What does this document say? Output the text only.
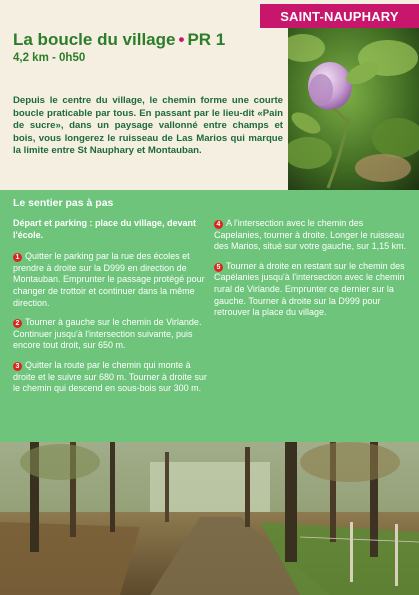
SAINT-NAUPHARY
La boucle du village • PR 1
4,2 km - 0h50
Depuis le centre du village, le chemin forme une courte boucle praticable par tous. En passant par le lieu-dit «Pain de sucre», dans un paysage vallonné entre champs et bois, vous longerez le ruisseau de Las Marios qui marque la limite entre St Nauphary et Montauban.
Le sentier pas à pas

Départ et parking : place du village, devant l'école.

1 Quitter le parking par la rue des écoles et prendre à droite sur la D999 en direction de Montauban. Emprunter le passage protégé pour changer de trottoir et continuer dans la même direction.

2 Tourner à gauche sur le chemin de Virlande. Continuer jusqu'à l'intersection suivante, puis encore tout droit, sur 650 m.

3 Quitter la route par le chemin qui monte à droite et le suivre sur 680 m. Tourner à droite sur le chemin qui descend en sous-bois sur 300 m.

4 A l'intersection avec le chemin des Capelanies, tourner à droite. Longer le ruisseau des Marios, situé sur votre gauche, sur 1,15 km.

5 Tourner à droite en restant sur le chemin des Capélanies jusqu'à l'intersection avec le chemin rural de Virlande. Emprunter ce dernier sur la gauche. Tourner à droite sur la D999 pour retrouver la place du village.
